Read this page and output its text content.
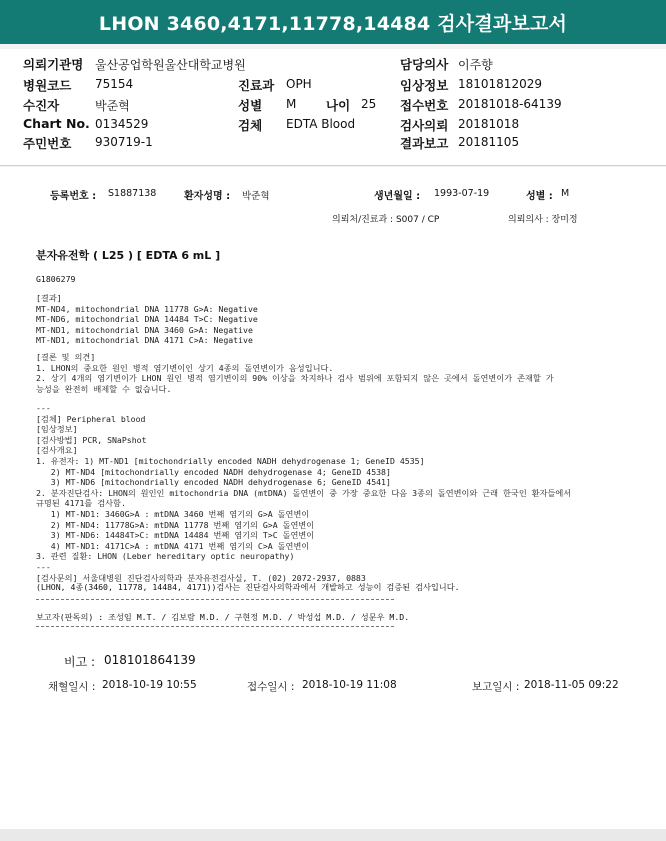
LHON 3460,4171,11778,14484 검사결과보고서
의뢰기관명 울산공업학원울산대학교병원
병원코드 75154
수진자	박준혁
Chart No. 0134529
주민번호 930719-1
진료과 OPH
성별 M 나이 25
검체 EDTA Blood
담당의사 이주향
임상정보 18101812029
접수번호 20181018-64139
검사의뢰 20181018
결과보고 20181105
등록번호 : S1887138	환자성명 : 박준혁	생년월일 : 1993-07-19	성별 : M
의뢰처/진료과 : S007 / CP	의뢰의사 : 장미정
분자유전학 ( L25 ) [ EDTA 6 mL ]
G1806279
[결과]
MT-ND4, mitochondrial DNA 11778 G>A: Negative
MT-ND6, mitochondrial DNA 14484 T>C: Negative
MT-ND1, mitochondrial DNA 3460 G>A: Negative
MT-ND1, mitochondrial DNA 4171 C>A: Negative
[결론 및 의견]
1. LHON의 중요한 원인 병적 염기변이인 상기 4종의 돌연변이가 음성입니다.
2. 상기 4개의 염기변이가 LHON 원인 병적 염기변이의 90% 이상을 차지하나 검사 범위에 포함되지 않은 곳에서 돌연변이가 존재할 가
능성을 완전히 배제할 수 없습니다.
---
[검체] Peripheral blood
[임상정보]
[검사방법] PCR, SNaPshot
[검사개요]
1. 유전자: 1) MT-ND1 [mitochondrially encoded NADH dehydrogenase 1; GeneID 4535]
2) MT-ND4 [mitochondrially encoded NADH dehydrogenase 4; GeneID 4538]
3) MT-ND6 [mitochondrially encoded NADH dehydrogenase 6; GeneID 4541]
2. 분자진단검사: LHON의 원인인 mitochondria DNA (mtDNA) 돌연변이 중 가장 중요한 다음 3종의 돌연변이와 근래 한국인 환자들에서
규명된 4171를 검사함.
1) MT-ND1: 3460G>A : mtDNA 3460 번째 염기의 G>A 돌연변이
2) MT-ND4: 11778G>A: mtDNA 11778 번째 염기의 G>A 돌연변이
3) MT-ND6: 14484T>C: mtDNA 14484 번째 염기의 T>C 돌연변이
4) MT-ND1: 4171C>A : mtDNA 4171 번째 염기의 C>A 돌연변이
3. 관련 질환: LHON (Leber hereditary optic neuropathy)
---
[검사문의] 서울대병원 진단검사의학과 분자유전검사실, T. (02) 2072-2937, 0883
(LHON, 4종(3460, 11778, 14484, 4171))검사는 진단검사의학과에서 개발하고 성능이 검증된 검사입니다.
보고자(판독의) : 조성임 M.T. / 김보람 M.D. / 구현정 M.D. / 박성섭 M.D. / 성문우 M.D.
비고 : 018101864139
채혈일시 : 2018-10-19 10:55	접수일시 : 2018-10-19 11:08	보고일시 : 2018-11-05 09:22
